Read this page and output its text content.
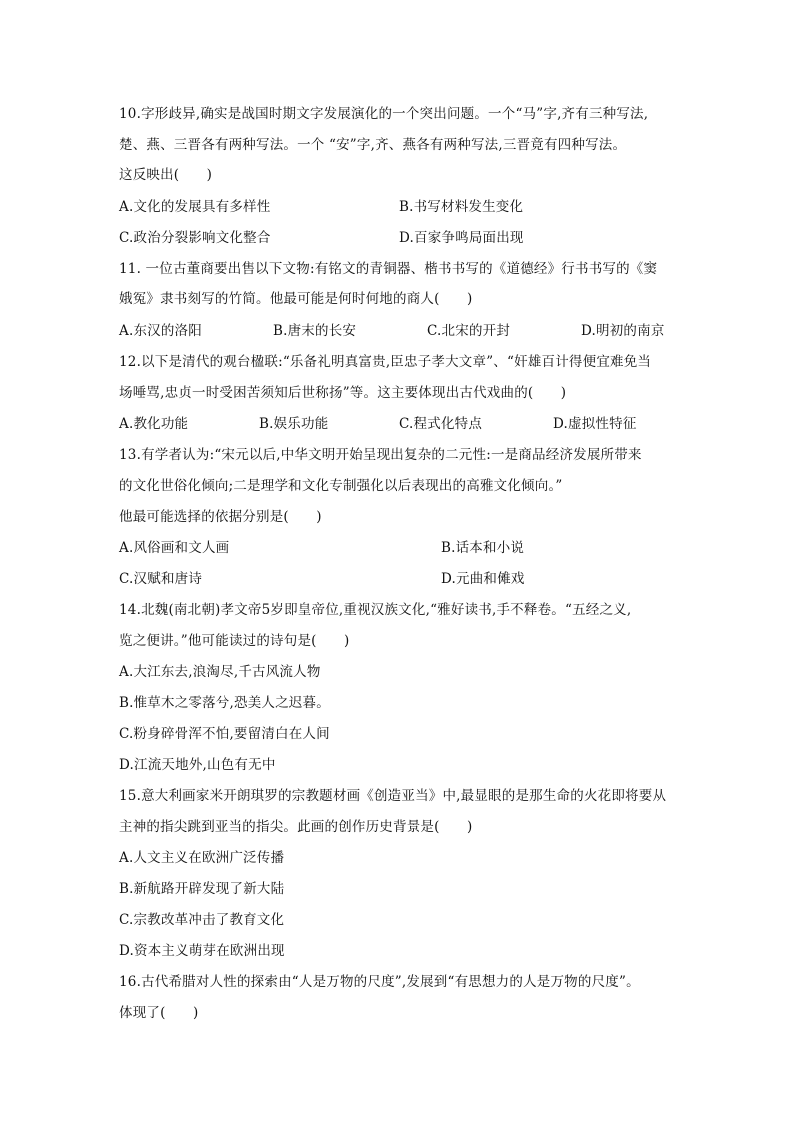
10.字形歧异,确实是战国时期文字发展演化的一个突出问题。一个“马”字,齐有三种写法,
楚、燕、三晋各有两种写法。一个 “安”字,齐、燕各有两种写法,三晋竟有四种写法。
这反映出(　　)
A.文化的发展具有多样性	B.书写材料发生变化
C.政治分裂影响文化整合	D.百家争鸣局面出现
11. 一位古董商要出售以下文物:有铭文的青铜器、楷书书写的《道德经》行书书写的《窦
娥冤》隶书刻写的竹简。他最可能是何时何地的商人(　　)
A.东汉的洛阳	B.唐末的长安	C.北宋的开封	D.明初的南京
12.以下是清代的观台楹联:“乐备礼明真富贵,臣忠子孝大文章”、“奸雄百计得便宜难免当
场唾骂,忠贞一时受困苦须知后世称扬”等。这主要体现出古代戏曲的(　　)
A.教化功能	B.娱乐功能	C.程式化特点	D.虚拟性特征
13.有学者认为:“宋元以后,中华文明开始呈现出复杂的二元性:一是商品经济发展所带来
的文化世俗化倾向;二是理学和文化专制强化以后表现出的高雅文化倾向。”
他最可能选择的依据分别是(　　)
A.风俗画和文人画	B.话本和小说
C.汉赋和唐诗	D.元曲和傩戏
14.北魏(南北朝)孝文帝5岁即皇帝位,重视汉族文化,“雅好读书,手不释卷。“五经之义,
览之便讲。”他可能读过的诗句是(　　)
A.大江东去,浪淘尽,千古风流人物
B.惟草木之零落兮,恐美人之迟暮。
C.粉身碎骨浑不怕,要留清白在人间
D.江流天地外,山色有无中
15.意大利画家米开朗琪罗的宗教题材画《创造亚当》中,最显眼的是那生命的火花即将要从
主神的指尖跳到亚当的指尖。此画的创作历史背景是(　　)
A.人文主义在欧洲广泛传播
B.新航路开辟发现了新大陆
C.宗教改革冲击了教育文化
D.资本主义萌芽在欧洲出现
16.古代希腊对人性的探索由“人是万物的尺度”,发展到“有思想力的人是万物的尺度”。
体现了(　　)
